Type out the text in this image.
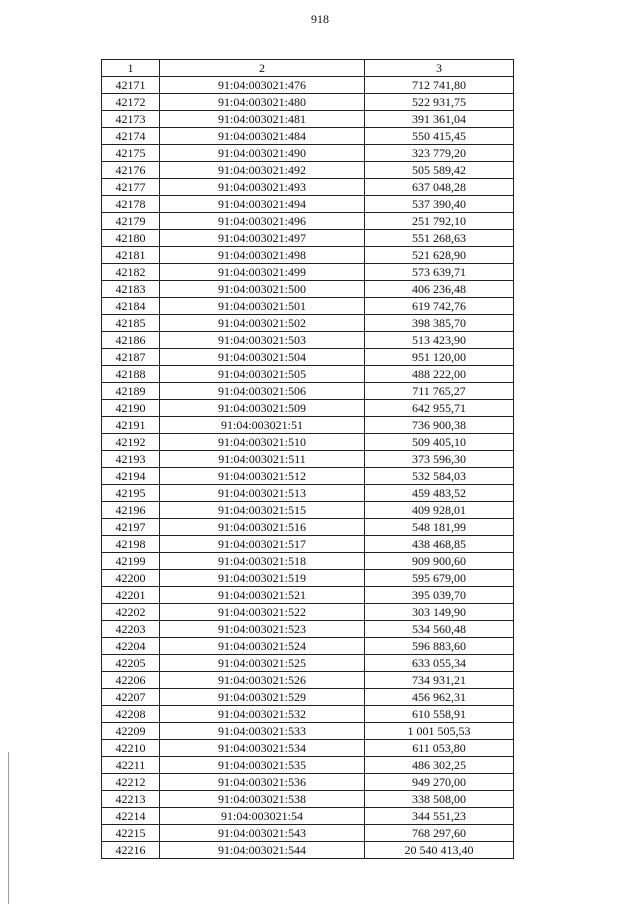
918
1	2	3
42171	91:04:003021:476	712 741,80
42172	91:04:003021:480	522 931,75
42173	91:04:003021:481	391 361,04
42174	91:04:003021:484	550 415,45
42175	91:04:003021:490	323 779,20
42176	91:04:003021:492	505 589,42
42177	91:04:003021:493	637 048,28
42178	91:04:003021:494	537 390,40
42179	91:04:003021:496	251 792,10
42180	91:04:003021:497	551 268,63
42181	91:04:003021:498	521 628,90
42182	91:04:003021:499	573 639,71
42183	91:04:003021:500	406 236,48
42184	91:04:003021:501	619 742,76
42185	91:04:003021:502	398 385,70
42186	91:04:003021:503	513 423,90
42187	91:04:003021:504	951 120,00
42188	91:04:003021:505	488 222,00
42189	91:04:003021:506	711 765,27
42190	91:04:003021:509	642 955,71
42191	91:04:003021:51	736 900,38
42192	91:04:003021:510	509 405,10
42193	91:04:003021:511	373 596,30
42194	91:04:003021:512	532 584,03
42195	91:04:003021:513	459 483,52
42196	91:04:003021:515	409 928,01
42197	91:04:003021:516	548 181,99
42198	91:04:003021:517	438 468,85
42199	91:04:003021:518	909 900,60
42200	91:04:003021:519	595 679,00
42201	91:04:003021:521	395 039,70
42202	91:04:003021:522	303 149,90
42203	91:04:003021:523	534 560,48
42204	91:04:003021:524	596 883,60
42205	91:04:003021:525	633 055,34
42206	91:04:003021:526	734 931,21
42207	91:04:003021:529	456 962,31
42208	91:04:003021:532	610 558,91
42209	91:04:003021:533	1 001 505,53
42210	91:04:003021:534	611 053,80
42211	91:04:003021:535	486 302,25
42212	91:04:003021:536	949 270,00
42213	91:04:003021:538	338 508,00
42214	91:04:003021:54	344 551,23
42215	91:04:003021:543	768 297,60
42216	91:04:003021:544	20 540 413,40
